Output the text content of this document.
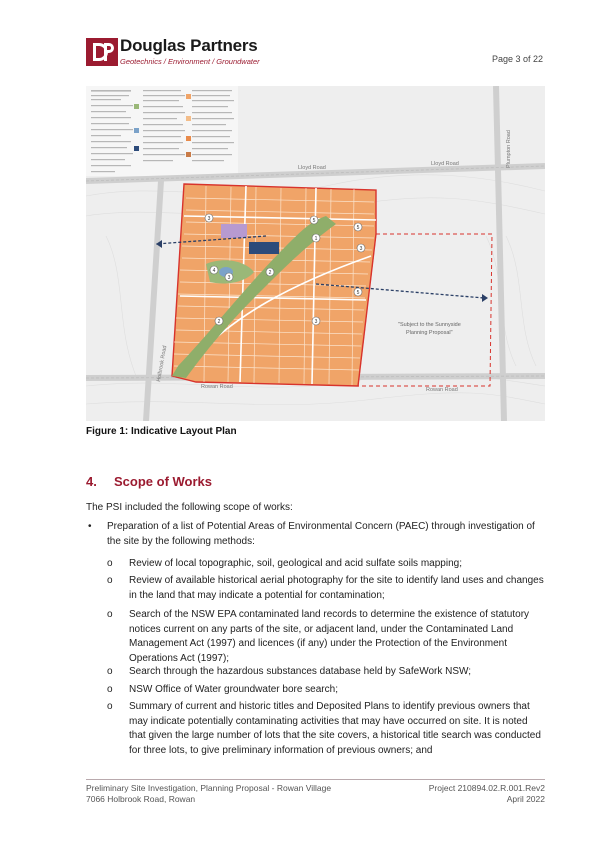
Douglas Partners
Geotechnics / Environment / Groundwater	Page 3 of 22
Lloyd Road
Lloyd Road	Plumpton Road
Rowan Road	Rowan Road
Holbrook Road
"Subject to the Sunnyside
Planning Proposal"
3	5
1
4
3
5
3
2
5
2	3
Figure 1: Indicative Layout Plan
4. Scope of Works
The PSI included the following scope of works:
• Preparation of a list of Potential Areas of Environmental Concern (PAEC) through investigation of
the site by the following methods:
o Review of local topographic, soil, geological and acid sulfate soils mapping;
o Review of available historical aerial photography for the site to identify land uses and changes
in the land that may indicate a potential for contamination;
o Search of the NSW EPA contaminated land records to determine the existence of statutory
notices current on any parts of the site, or adjacent land, under the Contaminated Land
Management Act (1997) and licences (if any) under the Protection of the Environment
Operations Act (1997);
o Search through the hazardous substances database held by SafeWork NSW;
o NSW Office of Water groundwater bore search;
o Summary of current and historic titles and Deposited Plans to identify previous owners that
may indicate potentially contaminating activities that may have occurred on site. It is noted
that given the large number of lots that the site covers, a historical title search was conducted
for three lots, to give preliminary information of previous owners; and
Preliminary Site Investigation, Planning Proposal - Rowan Village
7066 Holbrook Road, Rowan
Project 210894.02.R.001.Rev2
April 2022
